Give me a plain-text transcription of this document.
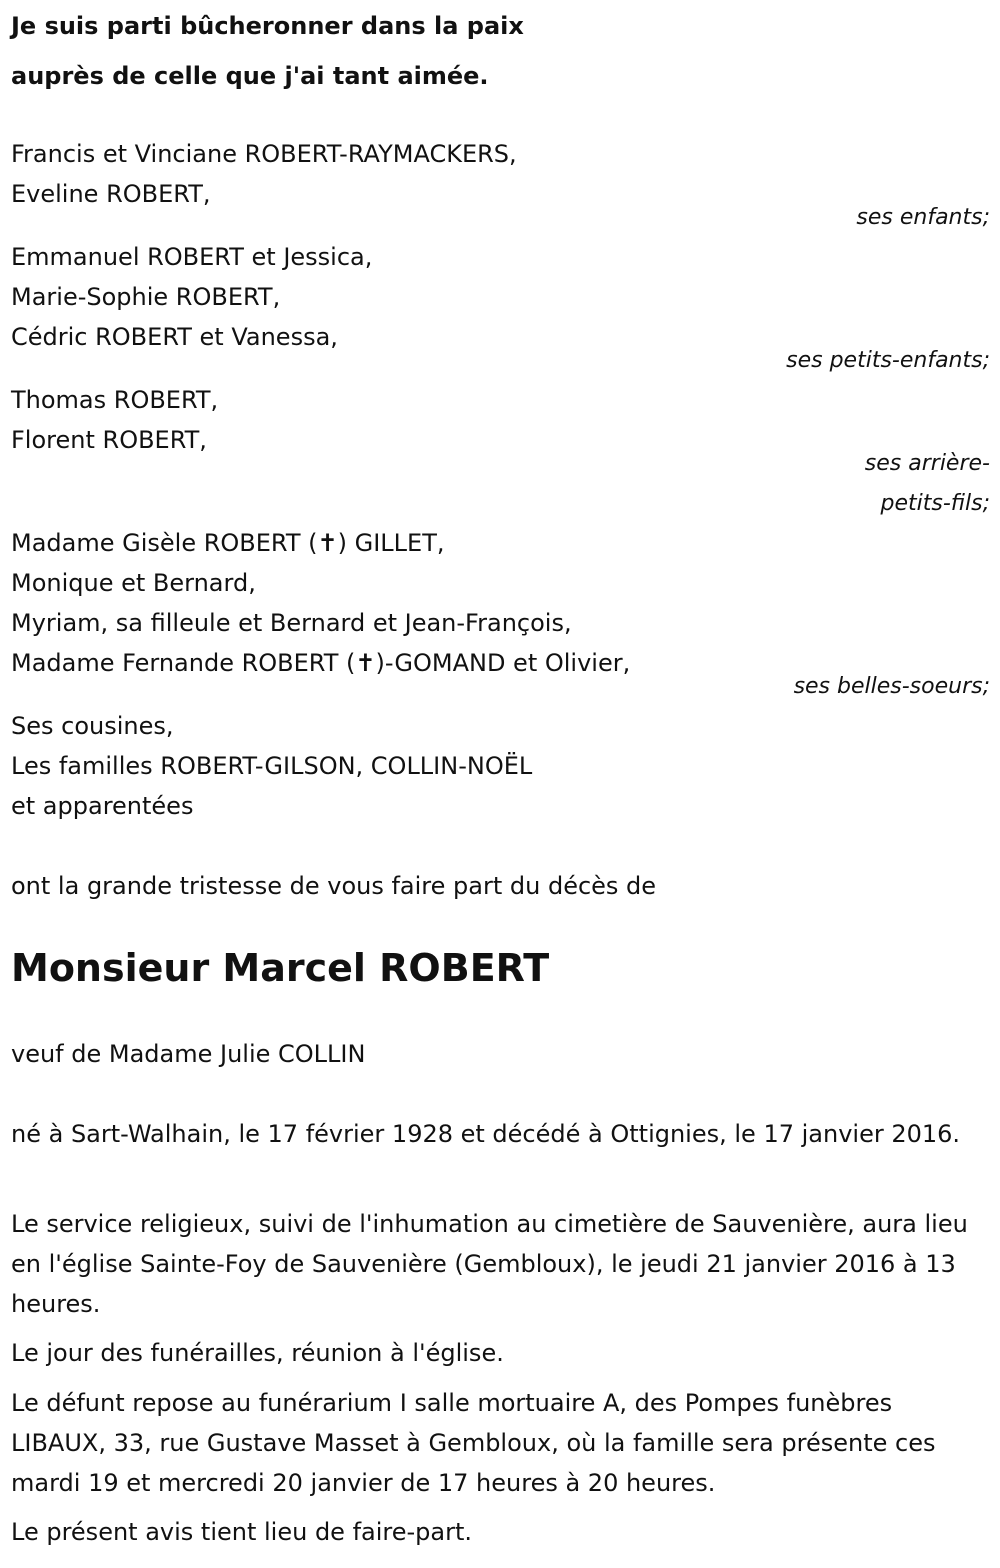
Je suis parti bûcheronner dans la paix

auprès de celle que j'ai tant aimée.

Francis et Vinciane ROBERT-RAYMACKERS,

Eveline ROBERT,

ses enfants;

Emmanuel ROBERT et Jessica,

Marie-Sophie ROBERT,

Cédric ROBERT et Vanessa,

ses petits-enfants;

Thomas ROBERT,

Florent ROBERT,

ses arrière-

petits-fils;

Madame Gisèle ROBERT (✝) GILLET,

Monique et Bernard,

Myriam, sa filleule et Bernard et Jean-François,

Madame Fernande ROBERT (✝)-GOMAND et Olivier,

ses belles-soeurs;

Ses cousines,

Les familles ROBERT-GILSON, COLLIN-NOËL

et apparentées

ont la grande tristesse de vous faire part du décès de

Monsieur Marcel ROBERT

veuf de Madame Julie COLLIN

né à Sart-Walhain, le 17 février 1928 et décédé à Ottignies, le 17 janvier 2016.

Le service religieux, suivi de l'inhumation au cimetière de Sauvenière, aura lieu en l'église Sainte-Foy de Sauvenière (Gembloux), le jeudi 21 janvier 2016 à 13 heures.

Le jour des funérailles, réunion à l'église.

Le défunt repose au funérarium I salle mortuaire A, des Pompes funèbres LIBAUX, 33, rue Gustave Masset à Gembloux, où la famille sera présente ces mardi 19 et mercredi 20 janvier de 17 heures à 20 heures.

Le présent avis tient lieu de faire-part.
